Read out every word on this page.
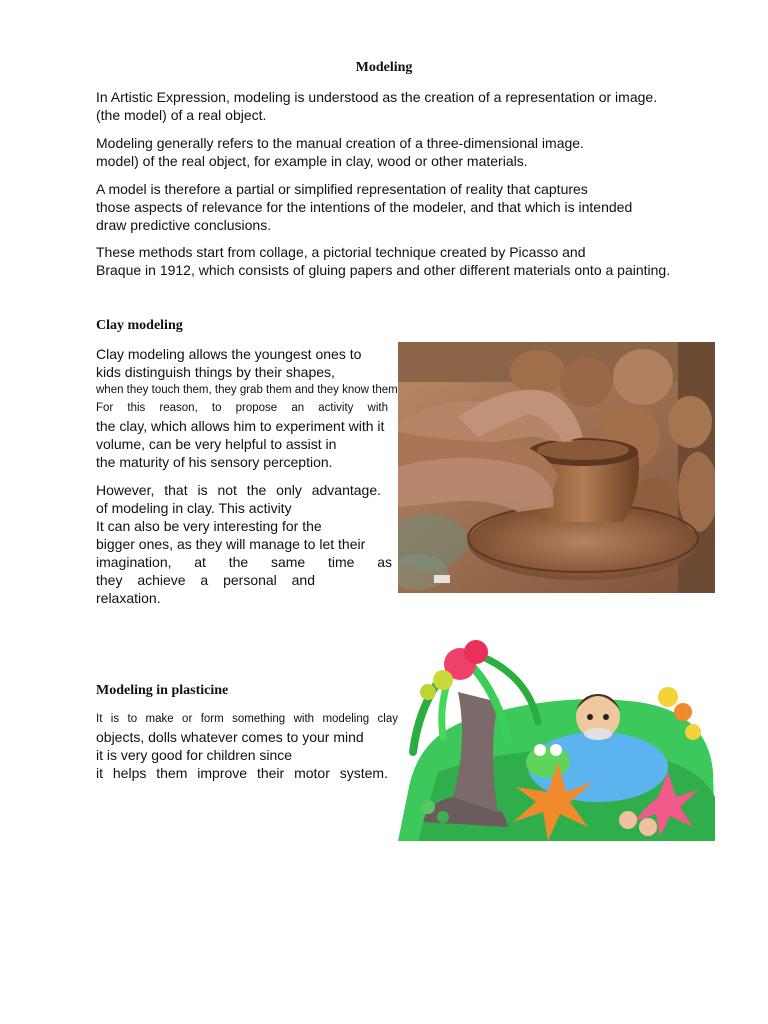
Modeling
In Artistic Expression, modeling is understood as the creation of a representation or image.
(the model) of a real object.
Modeling generally refers to the manual creation of a three-dimensional image.
model) of the real object, for example in clay, wood or other materials.
A model is therefore a partial or simplified representation of reality that captures
those aspects of relevance for the intentions of the modeler, and that which is intended
draw predictive conclusions.
These methods start from collage, a pictorial technique created by Picasso and
Braque in 1912, which consists of gluing papers and other different materials onto a painting.
Clay modeling
Clay modeling allows the youngest ones to
kids distinguish things by their shapes,
when they touch them, they grab them and they know them
For this reason, to propose an activity with
the clay, which allows him to experiment with it
volume, can be very helpful to assist in
the maturity of his sensory perception.
However, that is not the only advantage.
of modeling in clay. This activity
It can also be very interesting for the
bigger ones, as they will manage to let their
imagination, at the same time as
they achieve a personal and
relaxation.
Modeling in plasticine
It is to make or form something with modeling clay
objects, dolls whatever comes to your mind
it is very good for children since
it helps them improve their motor system.
